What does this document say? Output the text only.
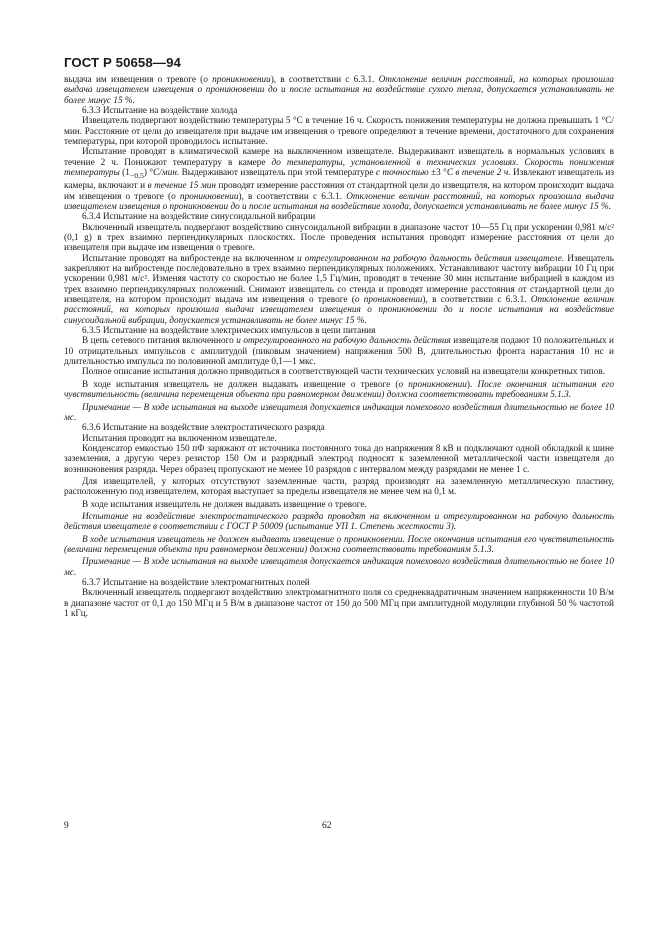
ГОСТ Р 50658—94

выдача им извещения о тревоге (о проникновении), в соответствии с 6.3.1. Отклонение величин расстояний, на которых произошла выдача извещателем извещения о проникновении до и после испытания на воздействие сухого тепла, допускается устанавливать не более минус 15 %.

6.3.3 Испытание на воздействие холода

Извещатель подвергают воздействию температуры 5 °С в течение 16 ч. Скорость понижения температуры не должна превышать 1 °С/мин. Расстояние от цели до извещателя при выдаче им извещения о тревоге определяют в течение времени, достаточного для сохранения температуры, при которой проводилось испытание.

Испытание проводят в климатической камере на выключенном извещателе. Выдерживают извещатель в нормальных условиях в течение 2 ч. Понижают температуру в камере до температуры, установленной в технических условиях. Скорость понижения температуры $(1_{-0,5})$ °С/мин. Выдерживают извещатель при этой температуре с точностью ±3 °С в течение 2 ч. Извлекают извещатель из камеры, включают и в течение 15 мин проводят измерение расстояния от стандартной цели до извещателя, на котором происходит выдача им извещения о тревоге (о проникновении), в соответствии с 6.3.1. Отклонение величин расстояний, на которых произошла выдача извещателем извещения о проникновении до и после испытания на воздействие холода, допускается устанавливать не более минус 15 %.

6.3.4 Испытание на воздействие синусоидальной вибрации

Включенный извещатель подвергают воздействию синусоидальной вибрации в диапазоне частот 10—55 Гц при ускорении 0,981 м/с² (0,1 g) в трех взаимно перпендикулярных плоскостях. После проведения испытания проводят измерение расстояния от цели до извещателя при выдаче им извещения о тревоге.

Испытание проводят на вибростенде на включенном и отрегулированном на рабочую дальность действия извещателе. Извещатель закрепляют на вибростенде последовательно в трех взаимно перпендикулярных положениях. Устанавливают частоту вибрации 10 Гц при ускорении 0,981 м/с². Изменяя частоту со скоростью не более 1,5 Гц/мин, проводят в течение 30 мин испытание вибрацией в каждом из трех взаимно перпендикулярных положений. Снимают извещатель со стенда и проводят измерение расстояния от стандартной цели до извещателя, на котором происходит выдача им извещения о тревоге (о проникновении), в соответствии с 6.3.1. Отклонение величин расстояний, на которых произошла выдача извещателем извещения о проникновении до и после испытания на воздействие синусоидальной вибрации, допускается устанавливать не более минус 15 %.

6.3.5 Испытание на воздействие электрических импульсов в цепи питания

В цепь сетевого питания включенного и отрегулированного на рабочую дальность действия извещателя подают 10 положительных и 10 отрицательных импульсов с амплитудой (пиковым значением) напряжения 500 В, длительностью фронта нарастания 10 нс и длительностью импульса по половинной амплитуде 0,1—1 мкс.

Полное описание испытания должно приводиться в соответствующей части технических условий на извещатели конкретных типов.

В ходе испытания извещатель не должен выдавать извещение о тревоге (о проникновении). После окончания испытания его чувствительность (величина перемещения объекта при равномерном движении) должна соответствовать требованиям 5.1.3.

Примечание — В ходе испытания на выходе извещателя допускается индикация помехового воздействия длительностью не более 10 мс.

6.3.6 Испытание на воздействие электростатического разряда

Испытания проводят на включенном извещателе.

Конденсатор емкостью 150 пФ заряжают от источника постоянного тока до напряжения 8 кВ и подключают одной обкладкой к шине заземления, а другую через резистор 150 Ом и разрядный электрод подносят к заземленной металлической части извещателя до возникновения разряда. Через образец пропускают не менее 10 разрядов с интервалом между разрядами не менее 1 с.

Для извещателей, у которых отсутствуют заземленные части, разряд производят на заземленную металлическую пластину, расположенную под извещателем, которая выступает за пределы извещателя не менее чем на 0,1 м.

В ходе испытания извещатель не должен выдавать извещение о тревоге.

Испытание на воздействие электростатического разряда проводят на включенном и отрегулированном на рабочую дальность действия извещателе в соответствии с ГОСТ Р 50009 (испытание УП 1. Степень жесткости 3).

В ходе испытания извещатель не должен выдавать извещение о проникновении. После окончания испытания его чувствительность (величина перемещения объекта при равномерном движении) должна соответствовать требованиям 5.1.3.

Примечание — В ходе испытания на выходе извещателя допускается индикация помехового воздействия длительностью не более 10 мс.

6.3.7 Испытание на воздействие электромагнитных полей

Включенный извещатель подвергают воздействию электромагнитного поля со среднеквадратичным значением напряженности 10 В/м в диапазоне частот от 0,1 до 150 МГц и 5 В/м в диапазоне частот от 150 до 500 МГц при амплитудной модуляции глубиной 50 % частотой 1 кГц.

9	62
